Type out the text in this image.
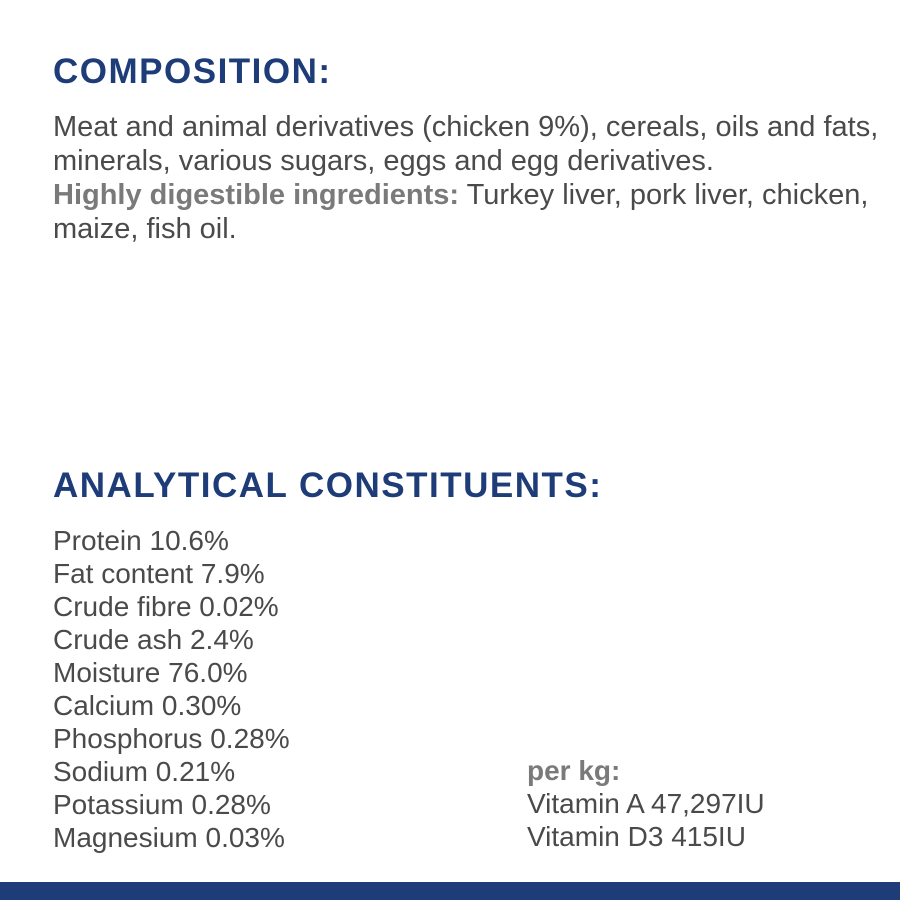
COMPOSITION:

Meat and animal derivatives (chicken 9%), cereals, oils and fats, minerals, various sugars, eggs and egg derivatives.

Highly digestible ingredients: Turkey liver, pork liver, chicken, maize, fish oil.

ANALYTICAL CONSTITUENTS:
Protein 10.6%
Fat content 7.9%
Crude fibre 0.02%
Crude ash 2.4%
Moisture 76.0%
Calcium 0.30%
Phosphorus 0.28%
Sodium 0.21%
Potassium 0.28%
Magnesium 0.03%
per kg:
Vitamin A 47,297IU
Vitamin D3 415IU
